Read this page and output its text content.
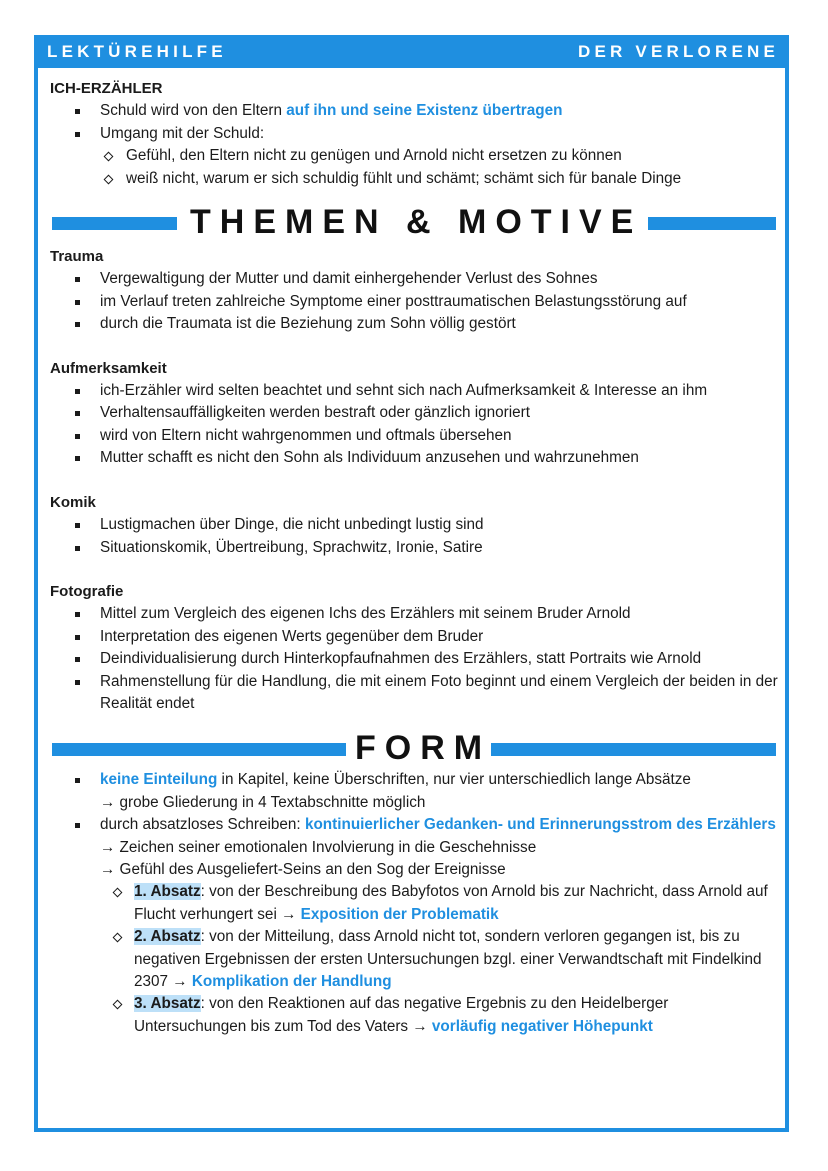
LEKTÜREHILFE	DER VERLORENE

ICH-ERZÄHLER

Schuld wird von den Eltern auf ihn und seine Existenz übertragen
Umgang mit der Schuld:
Gefühl, den Eltern nicht zu genügen und Arnold nicht ersetzen zu können
weiß nicht, warum er sich schuldig fühlt und schämt; schämt sich für banale Dinge
THEMEN & MOTIVE

Trauma

Vergewaltigung der Mutter und damit einhergehender Verlust des Sohnes
im Verlauf treten zahlreiche Symptome einer posttraumatischen Belastungsstörung auf
durch die Traumata ist die Beziehung zum Sohn völlig gestört

Aufmerksamkeit

ich-Erzähler wird selten beachtet und sehnt sich nach Aufmerksamkeit & Interesse an ihm
Verhaltensauffälligkeiten werden bestraft oder gänzlich ignoriert
wird von Eltern nicht wahrgenommen und oftmals übersehen
Mutter schafft es nicht den Sohn als Individuum anzusehen und wahrzunehmen

Komik

Lustigmachen über Dinge, die nicht unbedingt lustig sind
Situationskomik, Übertreibung, Sprachwitz, Ironie, Satire

Fotografie

Mittel zum Vergleich des eigenen Ichs des Erzählers mit seinem Bruder Arnold
Interpretation des eigenen Werts gegenüber dem Bruder
Deindividualisierung durch Hinterkopfaufnahmen des Erzählers, statt Portraits wie Arnold
Rahmenstellung für die Handlung, die mit einem Foto beginnt und einem Vergleich der beiden in der Realität endet
FORM
keine Einteilung in Kapitel, keine Überschriften, nur vier unterschiedlich lange Absätze
→ grobe Gliederung in 4 Textabschnitte möglich
durch absatzloses Schreiben: kontinuierlicher Gedanken- und Erinnerungsstrom des Erzählers → Zeichen seiner emotionalen Involvierung in die Geschehnisse
→ Gefühl des Ausgeliefert-Seins an den Sog der Ereignisse
1. Absatz: von der Beschreibung des Babyfotos von Arnold bis zur Nachricht, dass Arnold auf Flucht verhungert sei → Exposition der Problematik
2. Absatz: von der Mitteilung, dass Arnold nicht tot, sondern verloren gegangen ist, bis zu negativen Ergebnissen der ersten Untersuchungen bzgl. einer Verwandtschaft mit Findelkind 2307 → Komplikation der Handlung
3. Absatz: von den Reaktionen auf das negative Ergebnis zu den Heidelberger Untersuchungen bis zum Tod des Vaters → vorläufig negativer Höhepunkt
